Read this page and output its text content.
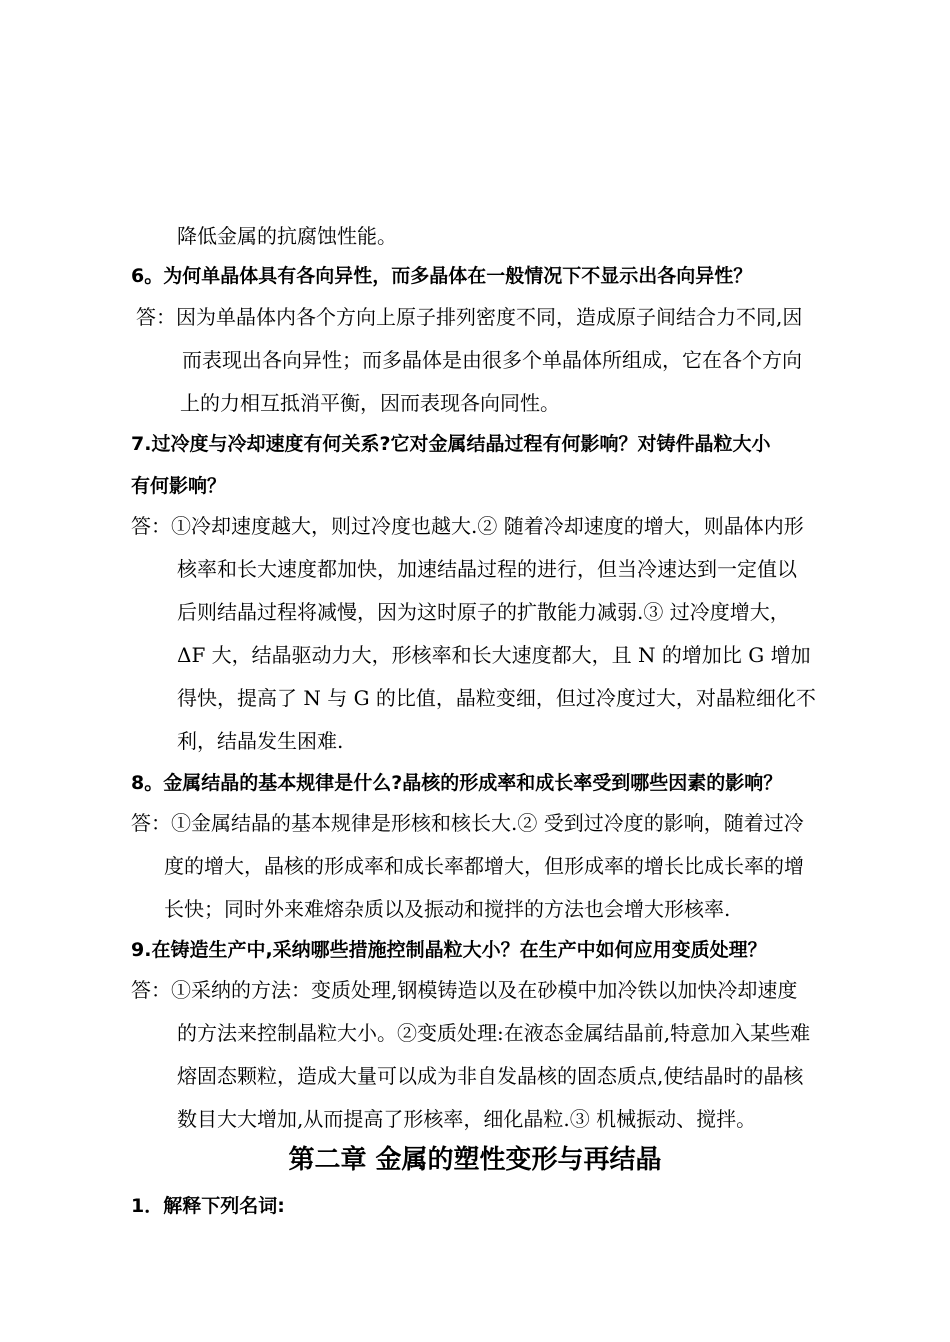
降低金属的抗腐蚀性能。
6。为何单晶体具有各向异性，而多晶体在一般情况下不显示出各向异性？
答：因为单晶体内各个方向上原子排列密度不同，造成原子间结合力不同,因
而表现出各向异性；而多晶体是由很多个单晶体所组成，它在各个方向
上的力相互抵消平衡，因而表现各向同性。
7.过冷度与冷却速度有何关系?它对金属结晶过程有何影响？对铸件晶粒大小
有何影响？
答：①冷却速度越大，则过冷度也越大.② 随着冷却速度的增大，则晶体内形
核率和长大速度都加快，加速结晶过程的进行，但当冷速达到一定值以
后则结晶过程将减慢，因为这时原子的扩散能力减弱.③ 过冷度增大，
ΔF 大，结晶驱动力大，形核率和长大速度都大，且 N 的增加比 G 增加
得快，提高了 N 与 G 的比值，晶粒变细，但过冷度过大，对晶粒细化不
利，结晶发生困难.
8。金属结晶的基本规律是什么?晶核的形成率和成长率受到哪些因素的影响？
答：①金属结晶的基本规律是形核和核长大.② 受到过冷度的影响，随着过冷
度的增大，晶核的形成率和成长率都增大，但形成率的增长比成长率的增
长快；同时外来难熔杂质以及振动和搅拌的方法也会增大形核率.
9.在铸造生产中,采纳哪些措施控制晶粒大小？在生产中如何应用变质处理？
答：①采纳的方法：变质处理,钢模铸造以及在砂模中加冷铁以加快冷却速度
的方法来控制晶粒大小。②变质处理:在液态金属结晶前,特意加入某些难
熔固态颗粒，造成大量可以成为非自发晶核的固态质点,使结晶时的晶核
数目大大增加,从而提高了形核率，细化晶粒.③ 机械振动、搅拌。
第二章 金属的塑性变形与再结晶
1．解释下列名词:
